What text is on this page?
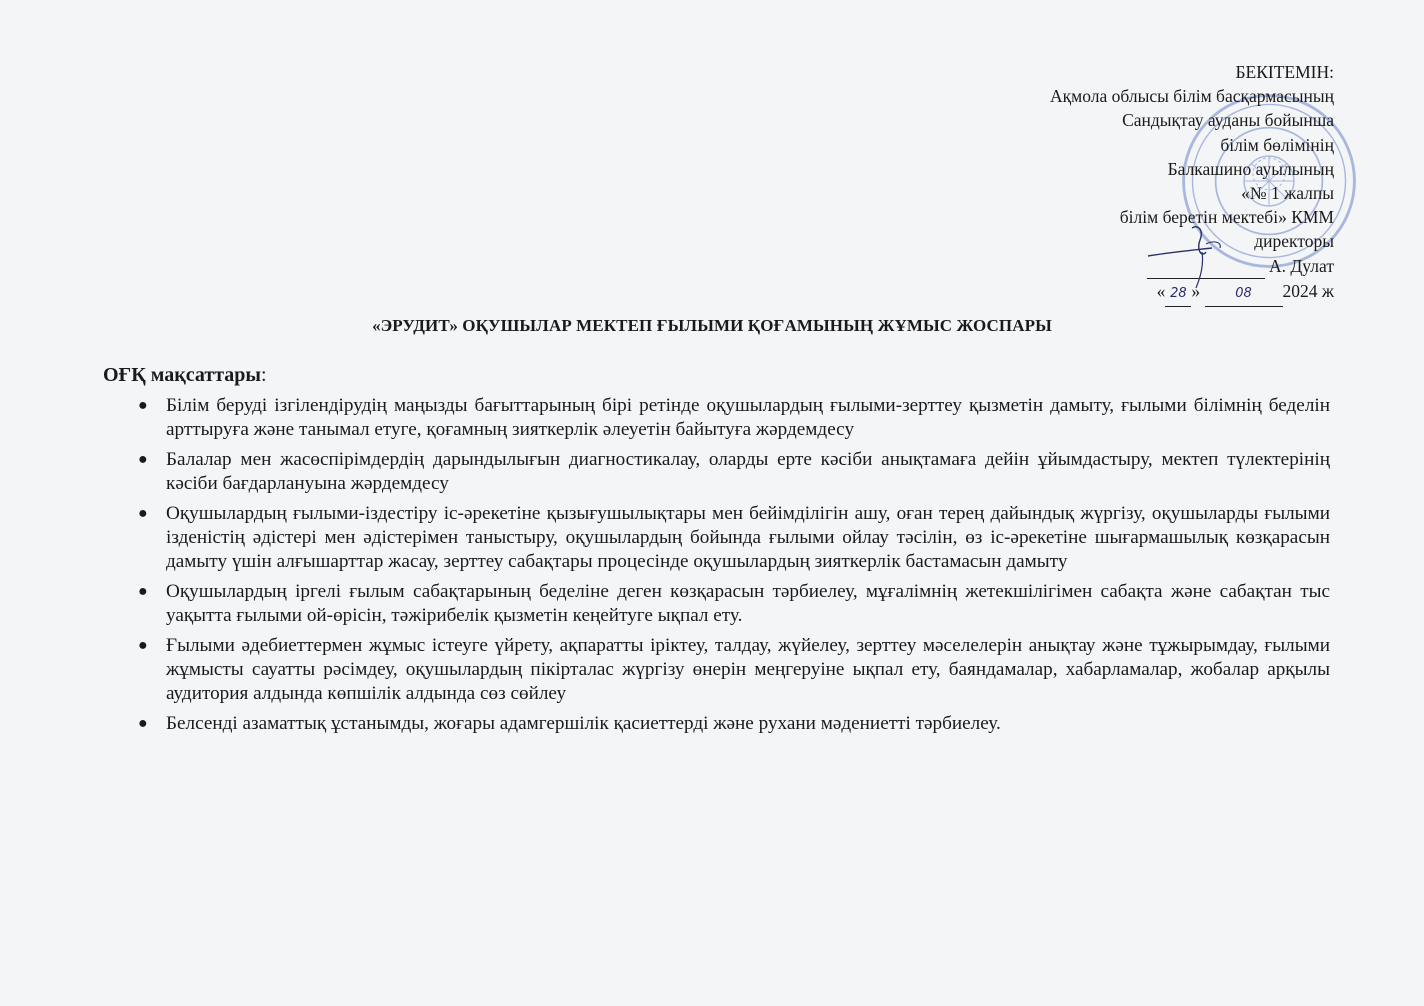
БЕКІТЕМІН:
Ақмола облысы білім басқармасының
Сандықтау ауданы бойынша
білім бөлімінің
Балкашино ауылының
«№ 1 жалпы
білім беретін мектебі» КММ
директоры
А. Дулат
« 28 »	08 2024 ж
«ЭРУДИТ» ОҚУШЫЛАР МЕКТЕП ҒЫЛЫМИ ҚОҒАМЫНЫҢ ЖҰМЫС ЖОСПАРЫ
ОҒҚ мақсаттары:
● Білім беруді ізгілендірудің маңызды бағыттарының бірі ретінде оқушылардың ғылыми-зерттеу қызметін дамыту, ғылыми білімнің беделін арттыруға және танымал етуге, қоғамның зияткерлік әлеуетін байытуға жәрдемдесу
● Балалар мен жасөспірімдердің дарындылығын диагностикалау, оларды ерте кәсіби анықтамаға дейін ұйымдастыру, мектеп түлектерінің кәсіби бағдарлануына жәрдемдесу
● Оқушылардың ғылыми-іздестіру іс-әрекетіне қызығушылықтары мен бейімділігін ашу, оған терең дайындық жүргізу, оқушыларды ғылыми ізденістің әдістері мен әдістерімен таныстыру, оқушылардың бойында ғылыми ойлау тәсілін, өз іс-әрекетіне шығармашылық көзқарасын дамыту үшін алғышарттар жасау, зерттеу сабақтары процесінде оқушылардың зияткерлік бастамасын дамыту
● Оқушылардың іргелі ғылым сабақтарының беделіне деген көзқарасын тәрбиелеу, мұғалімнің жетекшілігімен сабақта және сабақтан тыс уақытта ғылыми ой-өрісін, тәжірибелік қызметін кеңейтуге ықпал ету.
● Ғылыми әдебиеттермен жұмыс істеуге үйрету, ақпаратты іріктеу, талдау, жүйелеу, зерттеу мәселелерін анықтау және тұжырымдау, ғылыми жұмысты сауатты рәсімдеу, оқушылардың пікірталас жүргізу өнерін меңгеруіне ықпал ету, баяндамалар, хабарламалар, жобалар арқылы аудитория алдында көпшілік алдында сөз сөйлеу
● Белсенді азаматтық ұстанымды, жоғары адамгершілік қасиеттерді және рухани мәдениетті тәрбиелеу.
